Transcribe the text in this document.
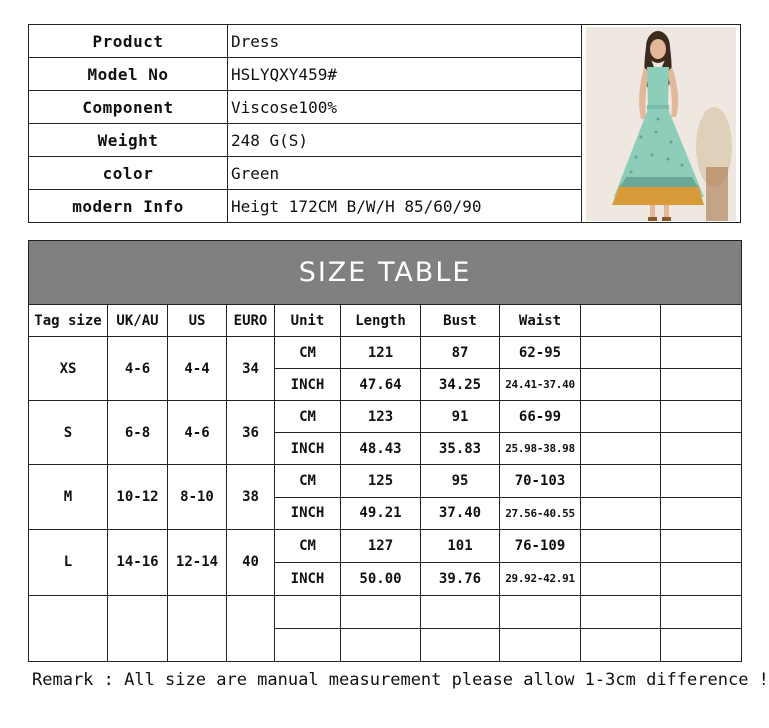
Product	Dress	

Model No	HSLYQXY459#	
Component	Viscose100%	
Weight	248 G(S)	
color	Green	
modern Info	Heigt 172CM B/W/H 85/60/90	
SIZE TABLE									
Tag size	UK/AU	US	EURO	Unit	Length	Bust	Waist		
XS	4-6	4-4	34	CM	121	87	62-95		
				INCH	47.64	34.25	24.41-37.40		
S	6-8	4-6	36	CM	123	91	66-99		
				INCH	48.43	35.83	25.98-38.98		
M	10-12	8-10	38	CM	125	95	70-103		
				INCH	49.21	37.40	27.56-40.55		
L	14-16	12-14	40	CM	127	101	76-109		
				INCH	50.00	39.76	29.92-42.91		

Remark : All size are manual measurement please allow 1-3cm difference !
